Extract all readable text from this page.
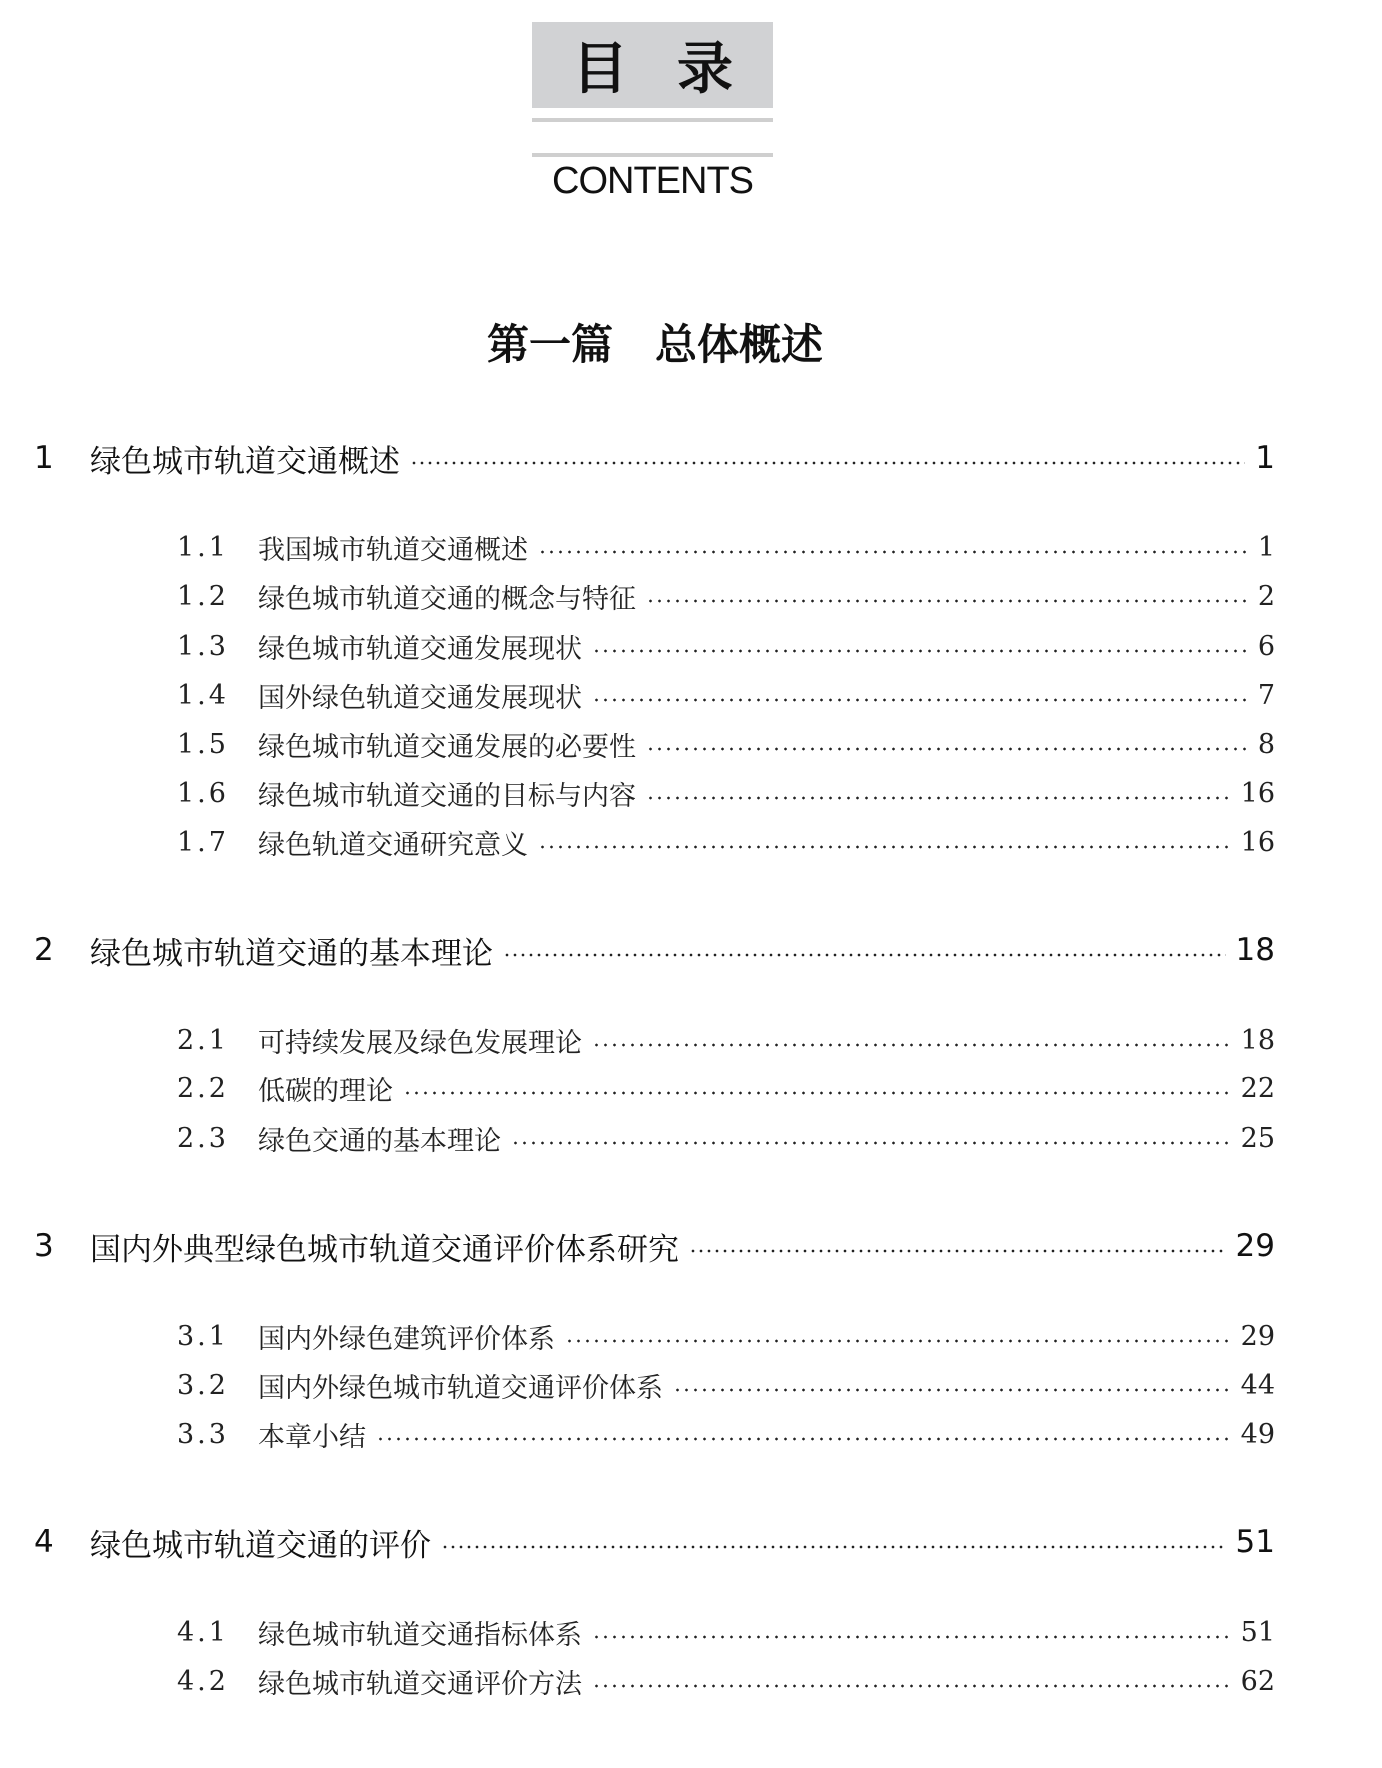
目 录
CONTENTS
第一篇　总体概述
1	绿色城市轨道交通概述	1
1.1	我国城市轨道交通概述	1
1.2	绿色城市轨道交通的概念与特征	2
1.3	绿色城市轨道交通发展现状	6
1.4	国外绿色轨道交通发展现状	7
1.5	绿色城市轨道交通发展的必要性	8
1.6	绿色城市轨道交通的目标与内容	16
1.7	绿色轨道交通研究意义	16
2	绿色城市轨道交通的基本理论	18
2.1	可持续发展及绿色发展理论	18
2.2	低碳的理论	22
2.3	绿色交通的基本理论	25
3	国内外典型绿色城市轨道交通评价体系研究	29
3.1	国内外绿色建筑评价体系	29
3.2	国内外绿色城市轨道交通评价体系	44
3.3	本章小结	49
4	绿色城市轨道交通的评价	51
4.1	绿色城市轨道交通指标体系	51
4.2	绿色城市轨道交通评价方法	62
